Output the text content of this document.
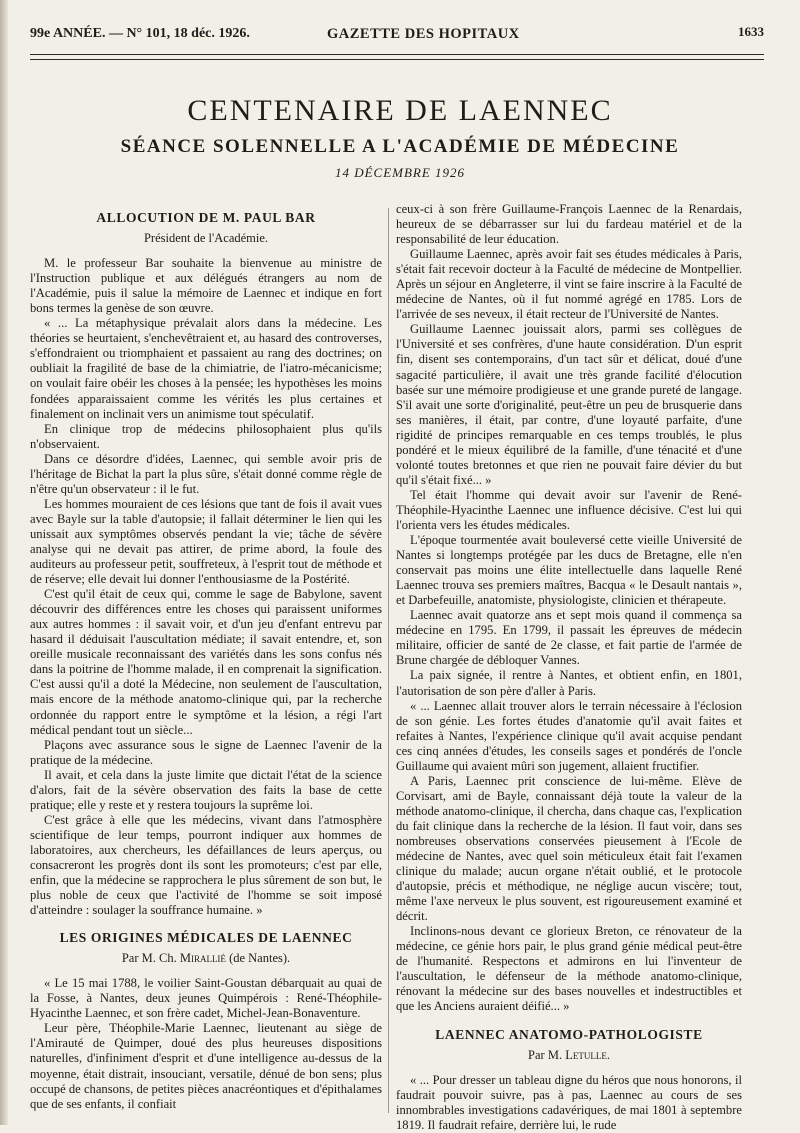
99e ANNÉE. — N° 101, 18 déc. 1926.	GAZETTE DES HOPITAUX	1633
CENTENAIRE DE LAENNEC
SÉANCE SOLENNELLE A L'ACADÉMIE DE MÉDECINE
14 DÉCEMBRE 1926
ALLOCUTION DE M. PAUL BAR
Président de l'Académie.

M. le professeur Bar souhaite la bienvenue au ministre de l'Instruction publique et aux délégués étrangers au nom de l'Académie, puis il salue la mémoire de Laennec et indique en fort bons termes la genèse de son œuvre.

« ... La métaphysique prévalait alors dans la médecine. Les théories se heurtaient, s'enchevêtraient et, au hasard des controverses, s'effondraient ou triomphaient et passaient au rang des doctrines; on oubliait la fragilité de base de la chimiatrie, de l'iatro-mécanicisme; on voulait faire obéir les choses à la pensée; les hypothèses les moins fondées apparaissaient comme les vérités les plus certaines et finalement on inclinait vers un animisme tout spéculatif.

En clinique trop de médecins philosophaient plus qu'ils n'observaient.

Dans ce désordre d'idées, Laennec, qui semble avoir pris de l'héritage de Bichat la part la plus sûre, s'était donné comme règle de n'être qu'un observateur : il le fut.

Les hommes mouraient de ces lésions que tant de fois il avait vues avec Bayle sur la table d'autopsie; il fallait déterminer le lien qui les unissait aux symptômes observés pendant la vie; tâche de sévère analyse qui ne devait pas attirer, de prime abord, la foule des auditeurs au professeur petit, souffreteux, à l'esprit tout de méthode et de réserve; elle devait lui donner l'enthousiasme de la Postérité.

C'est qu'il était de ceux qui, comme le sage de Babylone, savent découvrir des différences entre les choses qui paraissent uniformes aux autres hommes : il savait voir, et d'un jeu d'enfant entrevu par hasard il déduisait l'auscultation médiate; il savait entendre, et, son oreille musicale reconnaissant des variétés dans les sons confus nés dans la poitrine de l'homme malade, il en comprenait la signification. C'est aussi qu'il a doté la Médecine, non seulement de l'auscultation, mais encore de la méthode anatomo-clinique qui, par la recherche ordonnée du rapport entre le symptôme et la lésion, a régi l'art médical pendant tout un siècle...

Plaçons avec assurance sous le signe de Laennec l'avenir de la pratique de la médecine.

Il avait, et cela dans la juste limite que dictait l'état de la science d'alors, fait de la sévère observation des faits la base de cette pratique; elle y reste et y restera toujours la suprême loi.

C'est grâce à elle que les médecins, vivant dans l'atmosphère scientifique de leur temps, pourront indiquer aux hommes de laboratoires, aux chercheurs, les défaillances de leurs aperçus, ou consacreront les progrès dont ils sont les promoteurs; c'est par elle, enfin, que la médecine se rapprochera le plus sûrement de son but, le plus noble de ceux que l'activité de l'homme se soit imposé d'atteindre : soulager la souffrance humaine. »

LES ORIGINES MÉDICALES DE LAENNEC
Par M. Ch. Mirallié (de Nantes).

« Le 15 mai 1788, le voilier Saint-Goustan débarquait au quai de la Fosse, à Nantes, deux jeunes Quimpérois : René-Théophile-Hyacinthe Laennec, et son frère cadet, Michel-Jean-Bonaventure.

Leur père, Théophile-Marie Laennec, lieutenant au siège de l'Amirauté de Quimper, doué des plus heureuses dispositions naturelles, d'infiniment d'esprit et d'une intelligence au-dessus de la moyenne, était distrait, insouciant, versatile, dénué de bon sens; plus occupé de chansons, de petites pièces anacréontiques et d'épithalames que de ses enfants, il confiait

ceux-ci à son frère Guillaume-François Laennec de la Renardais, heureux de se débarrasser sur lui du fardeau matériel et de la responsabilité de leur éducation.

Guillaume Laennec, après avoir fait ses études médicales à Paris, s'était fait recevoir docteur à la Faculté de médecine de Montpellier. Après un séjour en Angleterre, il vint se faire inscrire à la Faculté de médecine de Nantes, où il fut nommé agrégé en 1785. Lors de l'arrivée de ses neveux, il était recteur de l'Université de Nantes.

Guillaume Laennec jouissait alors, parmi ses collègues de l'Université et ses confrères, d'une haute considération. D'un esprit fin, disent ses contemporains, d'un tact sûr et délicat, doué d'une sagacité particulière, il avait une très grande facilité d'élocution basée sur une mémoire prodigieuse et une grande pureté de langage. S'il avait une sorte d'originalité, peut-être un peu de brusquerie dans ses manières, il était, par contre, d'une loyauté parfaite, d'une rigidité de principes remarquable en ces temps troublés, le plus pondéré et le mieux équilibré de la famille, d'une ténacité et d'une volonté toutes bretonnes et que rien ne pouvait faire dévier du but qu'il s'était fixé... »

Tel était l'homme qui devait avoir sur l'avenir de René-Théophile-Hyacinthe Laennec une influence décisive. C'est lui qui l'orienta vers les études médicales.

L'époque tourmentée avait bouleversé cette vieille Université de Nantes si longtemps protégée par les ducs de Bretagne, elle n'en conservait pas moins une élite intellectuelle dans laquelle René Laennec trouva ses premiers maîtres, Bacqua « le Desault nantais », et Darbefeuille, anatomiste, physiologiste, clinicien et thérapeute.

Laennec avait quatorze ans et sept mois quand il commença sa médecine en 1795. En 1799, il passait les épreuves de médecin militaire, officier de santé de 2e classe, et fait partie de l'armée de Brune chargée de débloquer Vannes.

La paix signée, il rentre à Nantes, et obtient enfin, en 1801, l'autorisation de son père d'aller à Paris.

« ... Laennec allait trouver alors le terrain nécessaire à l'éclosion de son génie. Les fortes études d'anatomie qu'il avait faites et refaites à Nantes, l'expérience clinique qu'il avait acquise pendant ces cinq années d'études, les conseils sages et pondérés de l'oncle Guillaume qui avaient mûri son jugement, allaient fructifier.

A Paris, Laennec prit conscience de lui-même. Elève de Corvisart, ami de Bayle, connaissant déjà toute la valeur de la méthode anatomo-clinique, il chercha, dans chaque cas, l'explication du fait clinique dans la recherche de la lésion. Il faut voir, dans ses nombreuses observations conservées pieusement à l'Ecole de médecine de Nantes, avec quel soin méticuleux était fait l'examen clinique du malade; aucun organe n'était oublié, et le protocole d'autopsie, précis et méthodique, ne néglige aucun viscère; tout, même l'axe nerveux le plus souvent, est rigoureusement examiné et décrit.

Inclinons-nous devant ce glorieux Breton, ce rénovateur de la médecine, ce génie hors pair, le plus grand génie médical peut-être de l'humanité. Respectons et admirons en lui l'inventeur de l'auscultation, le défenseur de la méthode anatomo-clinique, rénovant la médecine sur des bases nouvelles et indestructibles et que les Anciens auraient déifié... »

LAENNEC ANATOMO-PATHOLOGISTE
Par M. Letulle.

« ... Pour dresser un tableau digne du héros que nous honorons, il faudrait pouvoir suivre, pas à pas, Laennec au cours de ses innombrables investigations cadavériques, de mai 1801 à septembre 1819. Il faudrait refaire, derrière lui, le rude
